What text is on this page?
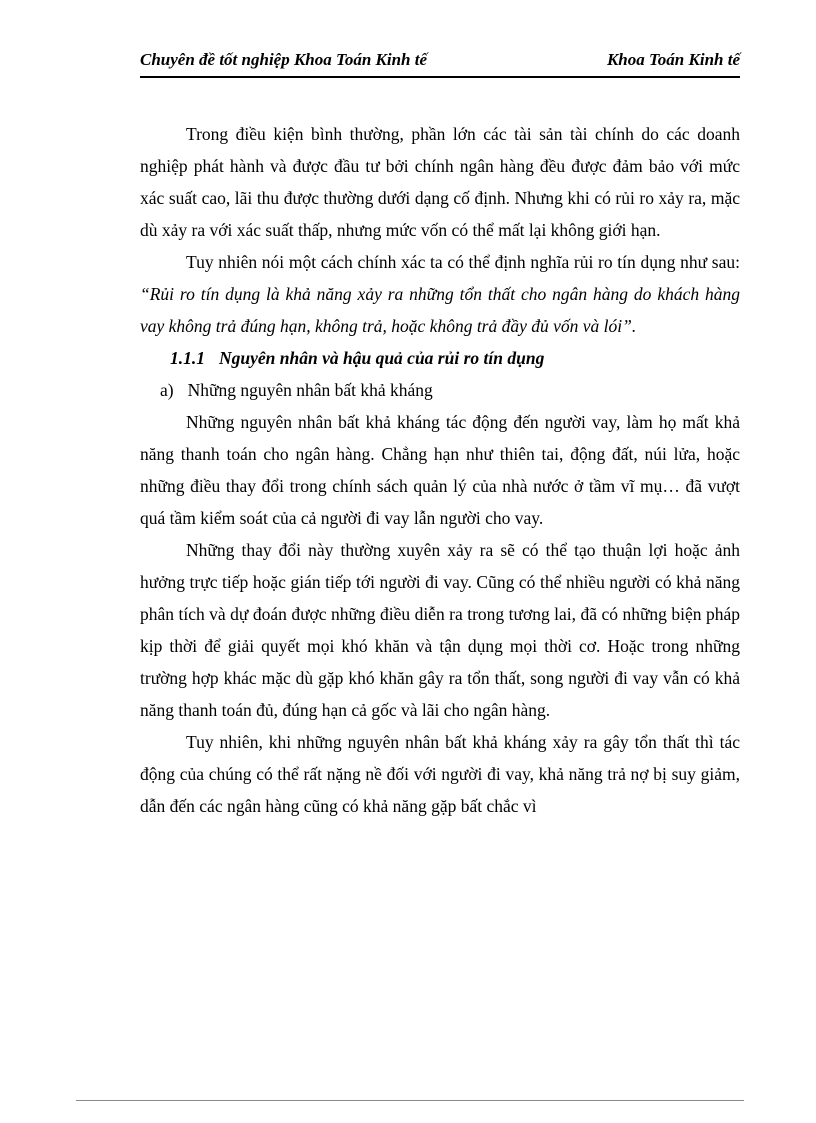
Chuyên đề tốt nghiệp Khoa Toán Kinh tế	Khoa Toán Kinh tế

Trong điều kiện bình thường, phần lớn các tài sản tài chính do các doanh nghiệp phát hành và được đầu tư bởi chính ngân hàng đều được đảm bảo với mức xác suất cao, lãi thu được thường dưới dạng cố định. Nhưng khi có rủi ro xảy ra, mặc dù xảy ra với xác suất thấp, nhưng mức vốn có thể mất lại không giới hạn.

Tuy nhiên nói một cách chính xác ta có thể định nghĩa rủi ro tín dụng như sau: “Rủi ro tín dụng là khả năng xảy ra những tổn thất cho ngân hàng do khách hàng vay không trả đúng hạn, không trả, hoặc không trả đầy đủ vốn và lói”.

1.1.1 Nguyên nhân và hậu quả của rủi ro tín dụng
a) Những nguyên nhân bất khả kháng

Những nguyên nhân bất khả kháng tác động đến người vay, làm họ mất khả năng thanh toán cho ngân hàng. Chẳng hạn như thiên tai, động đất, núi lửa, hoặc những điều thay đổi trong chính sách quản lý của nhà nước ở tầm vĩ mụ… đã vượt quá tầm kiểm soát của cả người đi vay lẫn người cho vay.

Những thay đổi này thường xuyên xảy ra sẽ có thể tạo thuận lợi hoặc ảnh hưởng trực tiếp hoặc gián tiếp tới người đi vay. Cũng có thể nhiều người có khả năng phân tích và dự đoán được những điều diễn ra trong tương lai, đã có những biện pháp kịp thời để giải quyết mọi khó khăn và tận dụng mọi thời cơ. Hoặc trong những trường hợp khác mặc dù gặp khó khăn gây ra tổn thất, song người đi vay vẫn có khả năng thanh toán đủ, đúng hạn cả gốc và lãi cho ngân hàng.

Tuy nhiên, khi những nguyên nhân bất khả kháng xảy ra gây tổn thất thì tác động của chúng có thể rất nặng nề đối với người đi vay, khả năng trả nợ bị suy giảm, dẫn đến các ngân hàng cũng có khả năng gặp bất chắc vì
